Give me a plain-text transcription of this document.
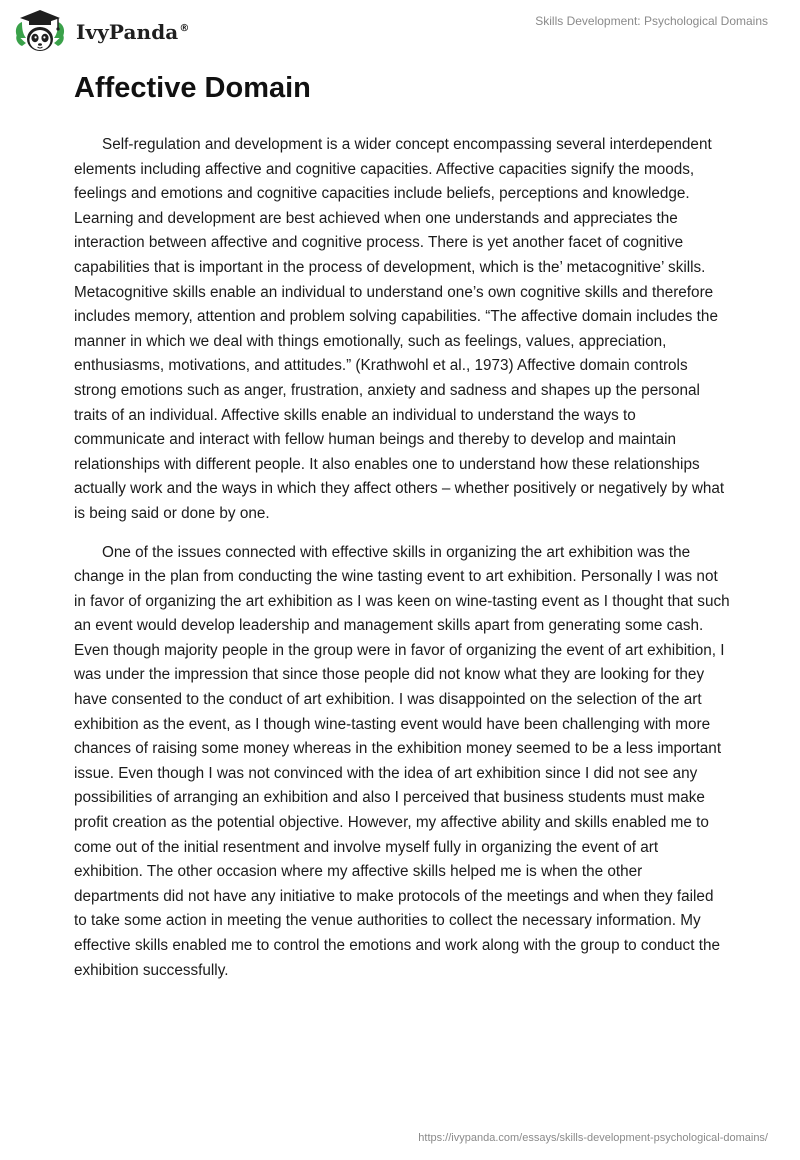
IvyPanda®
Skills Development: Psychological Domains
Affective Domain

Self-regulation and development is a wider concept encompassing several interdependent elements including affective and cognitive capacities. Affective capacities signify the moods, feelings and emotions and cognitive capacities include beliefs, perceptions and knowledge. Learning and development are best achieved when one understands and appreciates the interaction between affective and cognitive process. There is yet another facet of cognitive capabilities that is important in the process of development, which is the’ metacognitive’ skills. Metacognitive skills enable an individual to understand one’s own cognitive skills and therefore includes memory, attention and problem solving capabilities. “The affective domain includes the manner in which we deal with things emotionally, such as feelings, values, appreciation, enthusiasms, motivations, and attitudes.” (Krathwohl et al., 1973) Affective domain controls strong emotions such as anger, frustration, anxiety and sadness and shapes up the personal traits of an individual. Affective skills enable an individual to understand the ways to communicate and interact with fellow human beings and thereby to develop and maintain relationships with different people. It also enables one to understand how these relationships actually work and the ways in which they affect others – whether positively or negatively by what is being said or done by one.

One of the issues connected with effective skills in organizing the art exhibition was the change in the plan from conducting the wine tasting event to art exhibition. Personally I was not in favor of organizing the art exhibition as I was keen on wine-tasting event as I thought that such an event would develop leadership and management skills apart from generating some cash. Even though majority people in the group were in favor of organizing the event of art exhibition, I was under the impression that since those people did not know what they are looking for they have consented to the conduct of art exhibition. I was disappointed on the selection of the art exhibition as the event, as I though wine-tasting event would have been challenging with more chances of raising some money whereas in the exhibition money seemed to be a less important issue. Even though I was not convinced with the idea of art exhibition since I did not see any possibilities of arranging an exhibition and also I perceived that business students must make profit creation as the potential objective. However, my affective ability and skills enabled me to come out of the initial resentment and involve myself fully in organizing the event of art exhibition. The other occasion where my affective skills helped me is when the other departments did not have any initiative to make protocols of the meetings and when they failed to take some action in meeting the venue authorities to collect the necessary information. My effective skills enabled me to control the emotions and work along with the group to conduct the exhibition successfully.

https://ivypanda.com/essays/skills-development-psychological-domains/
